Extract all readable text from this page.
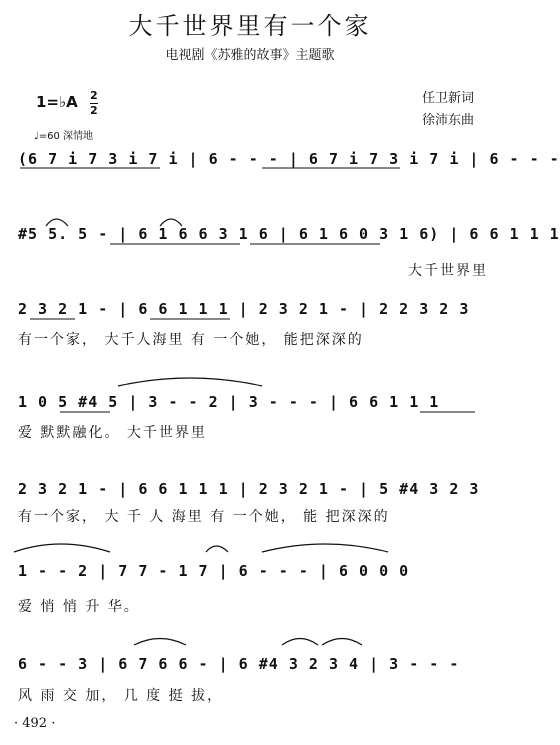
大千世界里有一个家
电视剧《苏雅的故事》主题歌
1=♭A 2
2
任卫新词
徐沛东曲
♩=60 深情地
(6 7 i 7 3 i 7 i | 6 - - - | 6 7 i 7 3 i 7 i | 6 - - -
#5 5. 5 - | 6 1 6 6 3 1 6 | 6 1 6 0 3 1 6) | 6 6 1 1 1
大千世界里
2 3 2 1 - | 6 6 1 1 1 | 2 3 2 1 - | 2 2 3 2 3
有一个家， 大千人海里 有 一个她， 能把深深的
1 0 5 #4 5 | 3 - - 2 | 3 - - - | 6 6 1 1 1
爱 默默融化。 大千世界里
2 3 2 1 - | 6 6 1 1 1 | 2 3 2 1 - | 5 #4 3 2 3
有一个家， 大 千 人 海里 有 一个她， 能 把深深的
1 - - 2 | 7 7 - 1 7 | 6 - - - | 6 0 0 0
爱 悄 悄 升 华。
6 - - 3 | 6 7 6 6 - | 6 #4 3 2 3 4 | 3 - - -
风 雨 交 加， 几 度 挺 拔，
· 492 ·
